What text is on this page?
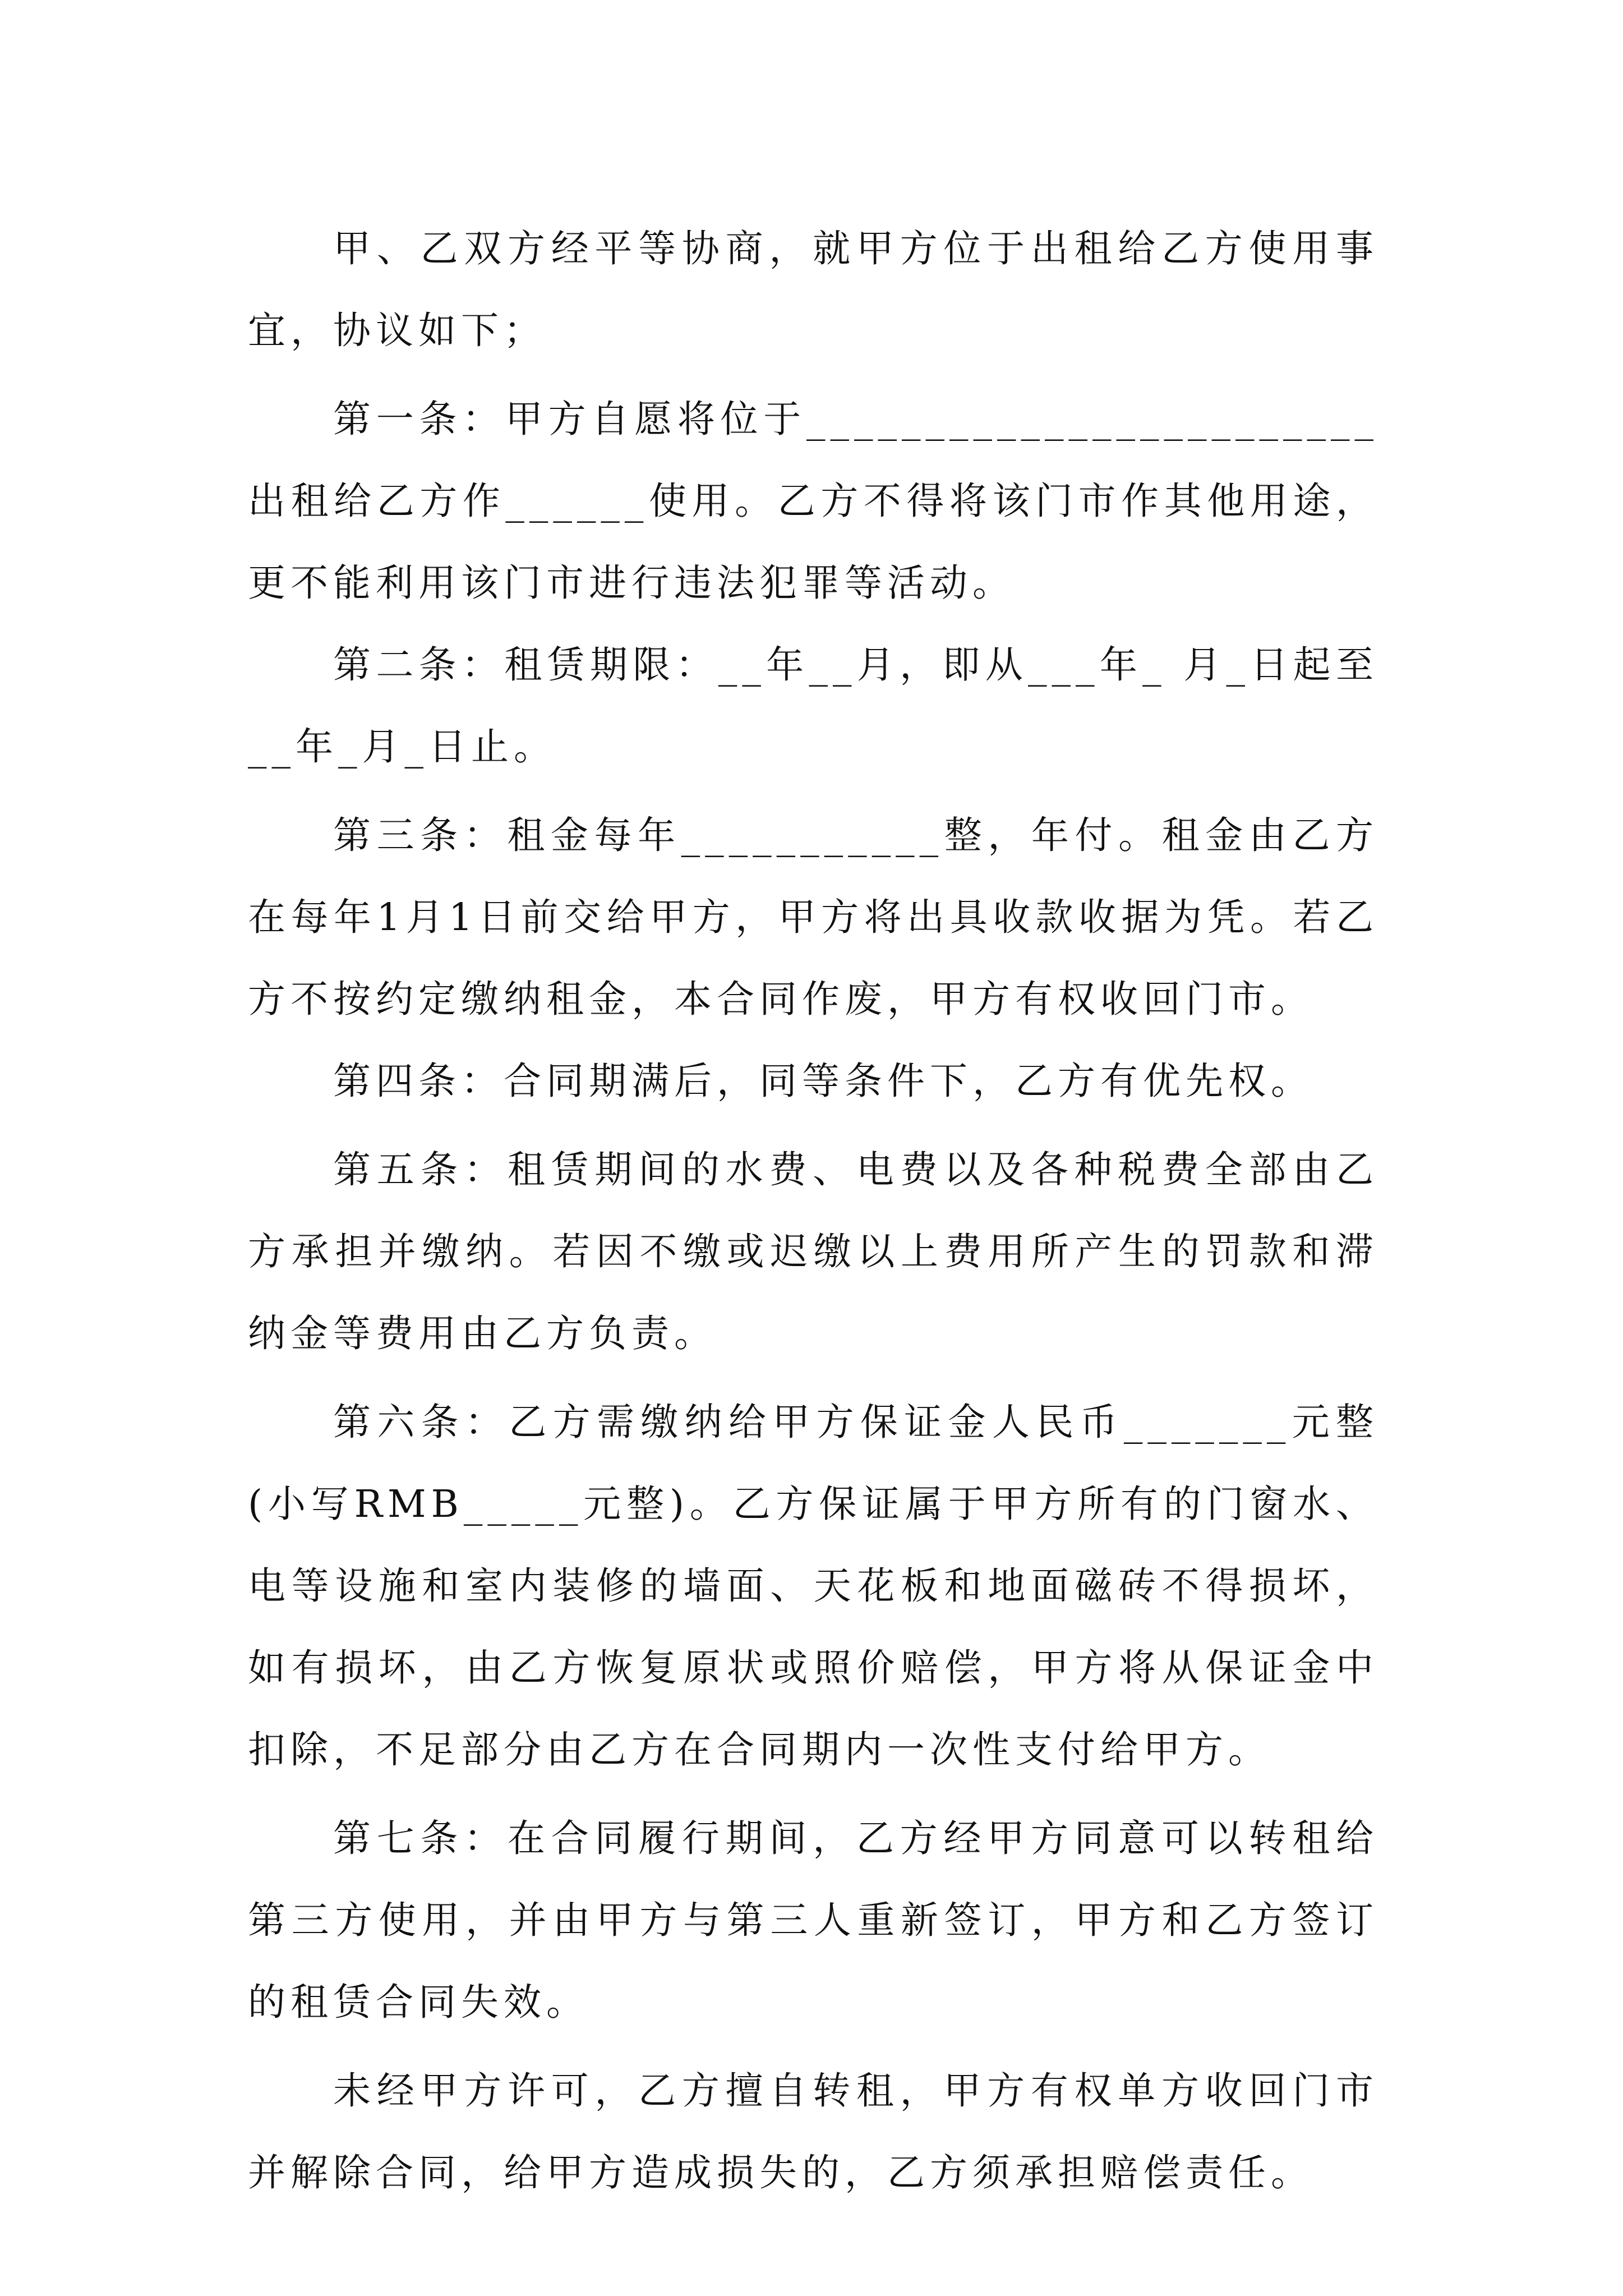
甲、乙双方经平等协商，就甲方位于出租给乙方使用事宜，协议如下；

第一条：甲方自愿将位于________________________出租给乙方作______使用。乙方不得将该门市作其他用途，更不能利用该门市进行违法犯罪等活动。

第二条：租赁期限：__年__月，即从___年_ 月_日起至__年_月_日止。

第三条：租金每年___________整，年付。租金由乙方在每年1月1日前交给甲方，甲方将出具收款收据为凭。若乙方不按约定缴纳租金，本合同作废，甲方有权收回门市。

第四条：合同期满后，同等条件下，乙方有优先权。

第五条：租赁期间的水费、电费以及各种税费全部由乙方承担并缴纳。若因不缴或迟缴以上费用所产生的罚款和滞纳金等费用由乙方负责。

第六条：乙方需缴纳给甲方保证金人民币_______元整(小写RMB_____元整)。乙方保证属于甲方所有的门窗水、电等设施和室内装修的墙面、天花板和地面磁砖不得损坏，如有损坏，由乙方恢复原状或照价赔偿，甲方将从保证金中扣除，不足部分由乙方在合同期内一次性支付给甲方。

第七条：在合同履行期间，乙方经甲方同意可以转租给第三方使用，并由甲方与第三人重新签订，甲方和乙方签订的租赁合同失效。

未经甲方许可，乙方擅自转租，甲方有权单方收回门市并解除合同，给甲方造成损失的，乙方须承担赔偿责任。
